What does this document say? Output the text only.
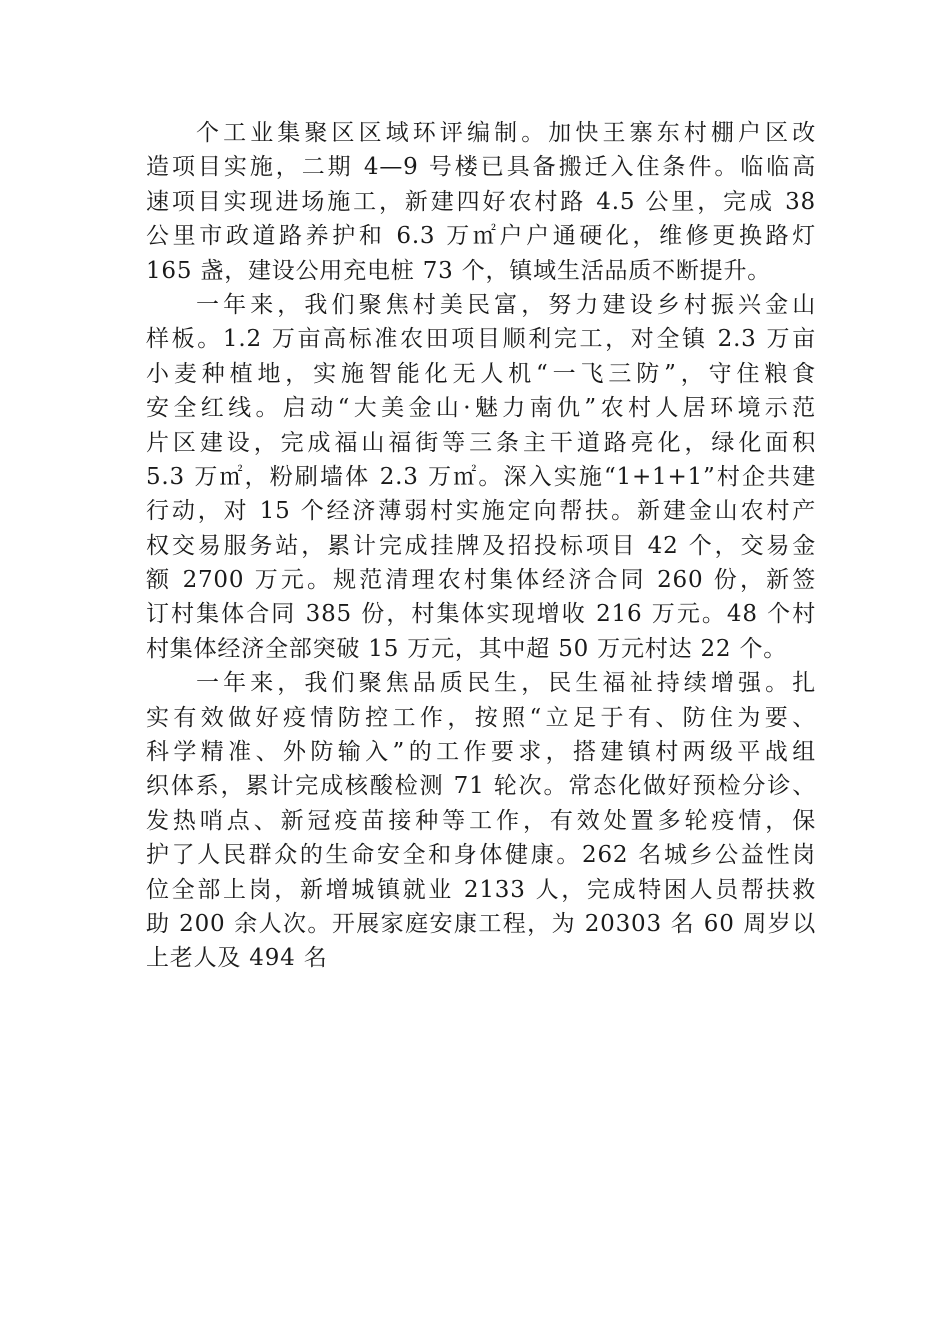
个工业集聚区区域环评编制。加快王寨东村棚户区改
造项目实施，二期 4—9 号楼已具备搬迁入住条件。临临高
速项目实现进场施工，新建四好农村路 4.5 公里，完成 38
公里市政道路养护和 6.3 万㎡户户通硬化，维修更换路灯
165 盏，建设公用充电桩 73 个，镇域生活品质不断提升。
一年来，我们聚焦村美民富，努力建设乡村振兴金山
样板。1.2 万亩高标准农田项目顺利完工，对全镇 2.3 万亩
小麦种植地，实施智能化无人机“一飞三防”，守住粮食
安全红线。启动“大美金山·魅力南仇”农村人居环境示范
片区建设，完成福山福街等三条主干道路亮化，绿化面积
5.3 万㎡，粉刷墙体 2.3 万㎡。深入实施“1+1+1”村企共建
行动，对 15 个经济薄弱村实施定向帮扶。新建金山农村产
权交易服务站，累计完成挂牌及招投标项目 42 个，交易金
额 2700 万元。规范清理农村集体经济合同 260 份，新签
订村集体合同 385 份，村集体实现增收 216 万元。48 个村
村集体经济全部突破 15 万元，其中超 50 万元村达 22 个。
一年来，我们聚焦品质民生，民生福祉持续增强。扎
实有效做好疫情防控工作，按照“立足于有、防住为要、
科学精准、外防输入”的工作要求，搭建镇村两级平战组
织体系，累计完成核酸检测 71 轮次。常态化做好预检分诊、
发热哨点、新冠疫苗接种等工作，有效处置多轮疫情，保
护了人民群众的生命安全和身体健康。262 名城乡公益性岗
位全部上岗，新增城镇就业 2133 人，完成特困人员帮扶救
助 200 余人次。开展家庭安康工程，为 20303 名 60 周岁以
上老人及 494 名
